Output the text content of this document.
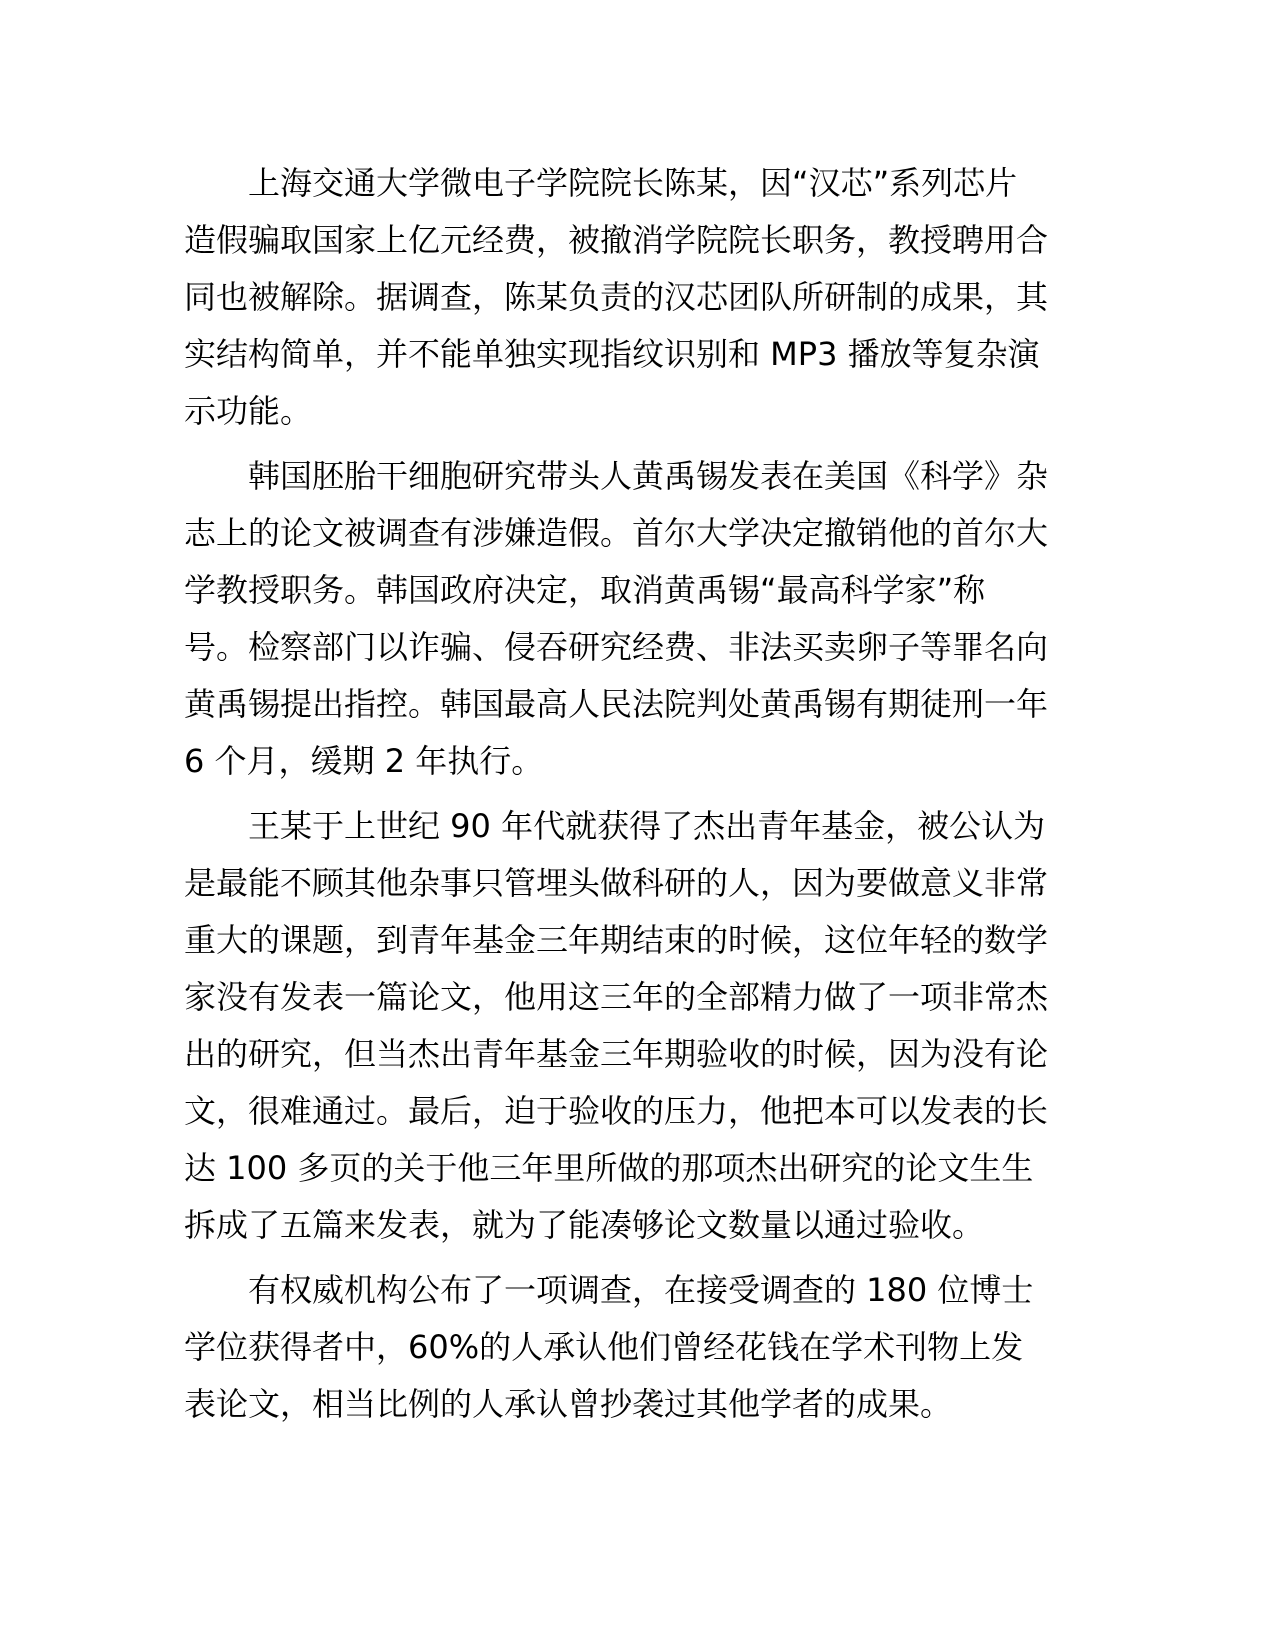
上海交通大学微电子学院院长陈某，因“汉芯”系列芯片
造假骗取国家上亿元经费，被撤消学院院长职务，教授聘用合
同也被解除。据调查，陈某负责的汉芯团队所研制的成果，其
实结构简单，并不能单独实现指纹识别和 MP3 播放等复杂演
示功能。

韩国胚胎干细胞研究带头人黄禹锡发表在美国《科学》杂
志上的论文被调查有涉嫌造假。首尔大学决定撤销他的首尔大
学教授职务。韩国政府决定，取消黄禹锡“最高科学家”称
号。检察部门以诈骗、侵吞研究经费、非法买卖卵子等罪名向
黄禹锡提出指控。韩国最高人民法院判处黄禹锡有期徒刑一年
6 个月，缓期 2 年执行。

王某于上世纪 90 年代就获得了杰出青年基金，被公认为
是最能不顾其他杂事只管埋头做科研的人，因为要做意义非常
重大的课题，到青年基金三年期结束的时候，这位年轻的数学
家没有发表一篇论文，他用这三年的全部精力做了一项非常杰
出的研究，但当杰出青年基金三年期验收的时候，因为没有论
文，很难通过。最后，迫于验收的压力，他把本可以发表的长
达 100 多页的关于他三年里所做的那项杰出研究的论文生生
拆成了五篇来发表，就为了能凑够论文数量以通过验收。

有权威机构公布了一项调查，在接受调查的 180 位博士
学位获得者中，60%的人承认他们曾经花钱在学术刊物上发
表论文，相当比例的人承认曾抄袭过其他学者的成果。
